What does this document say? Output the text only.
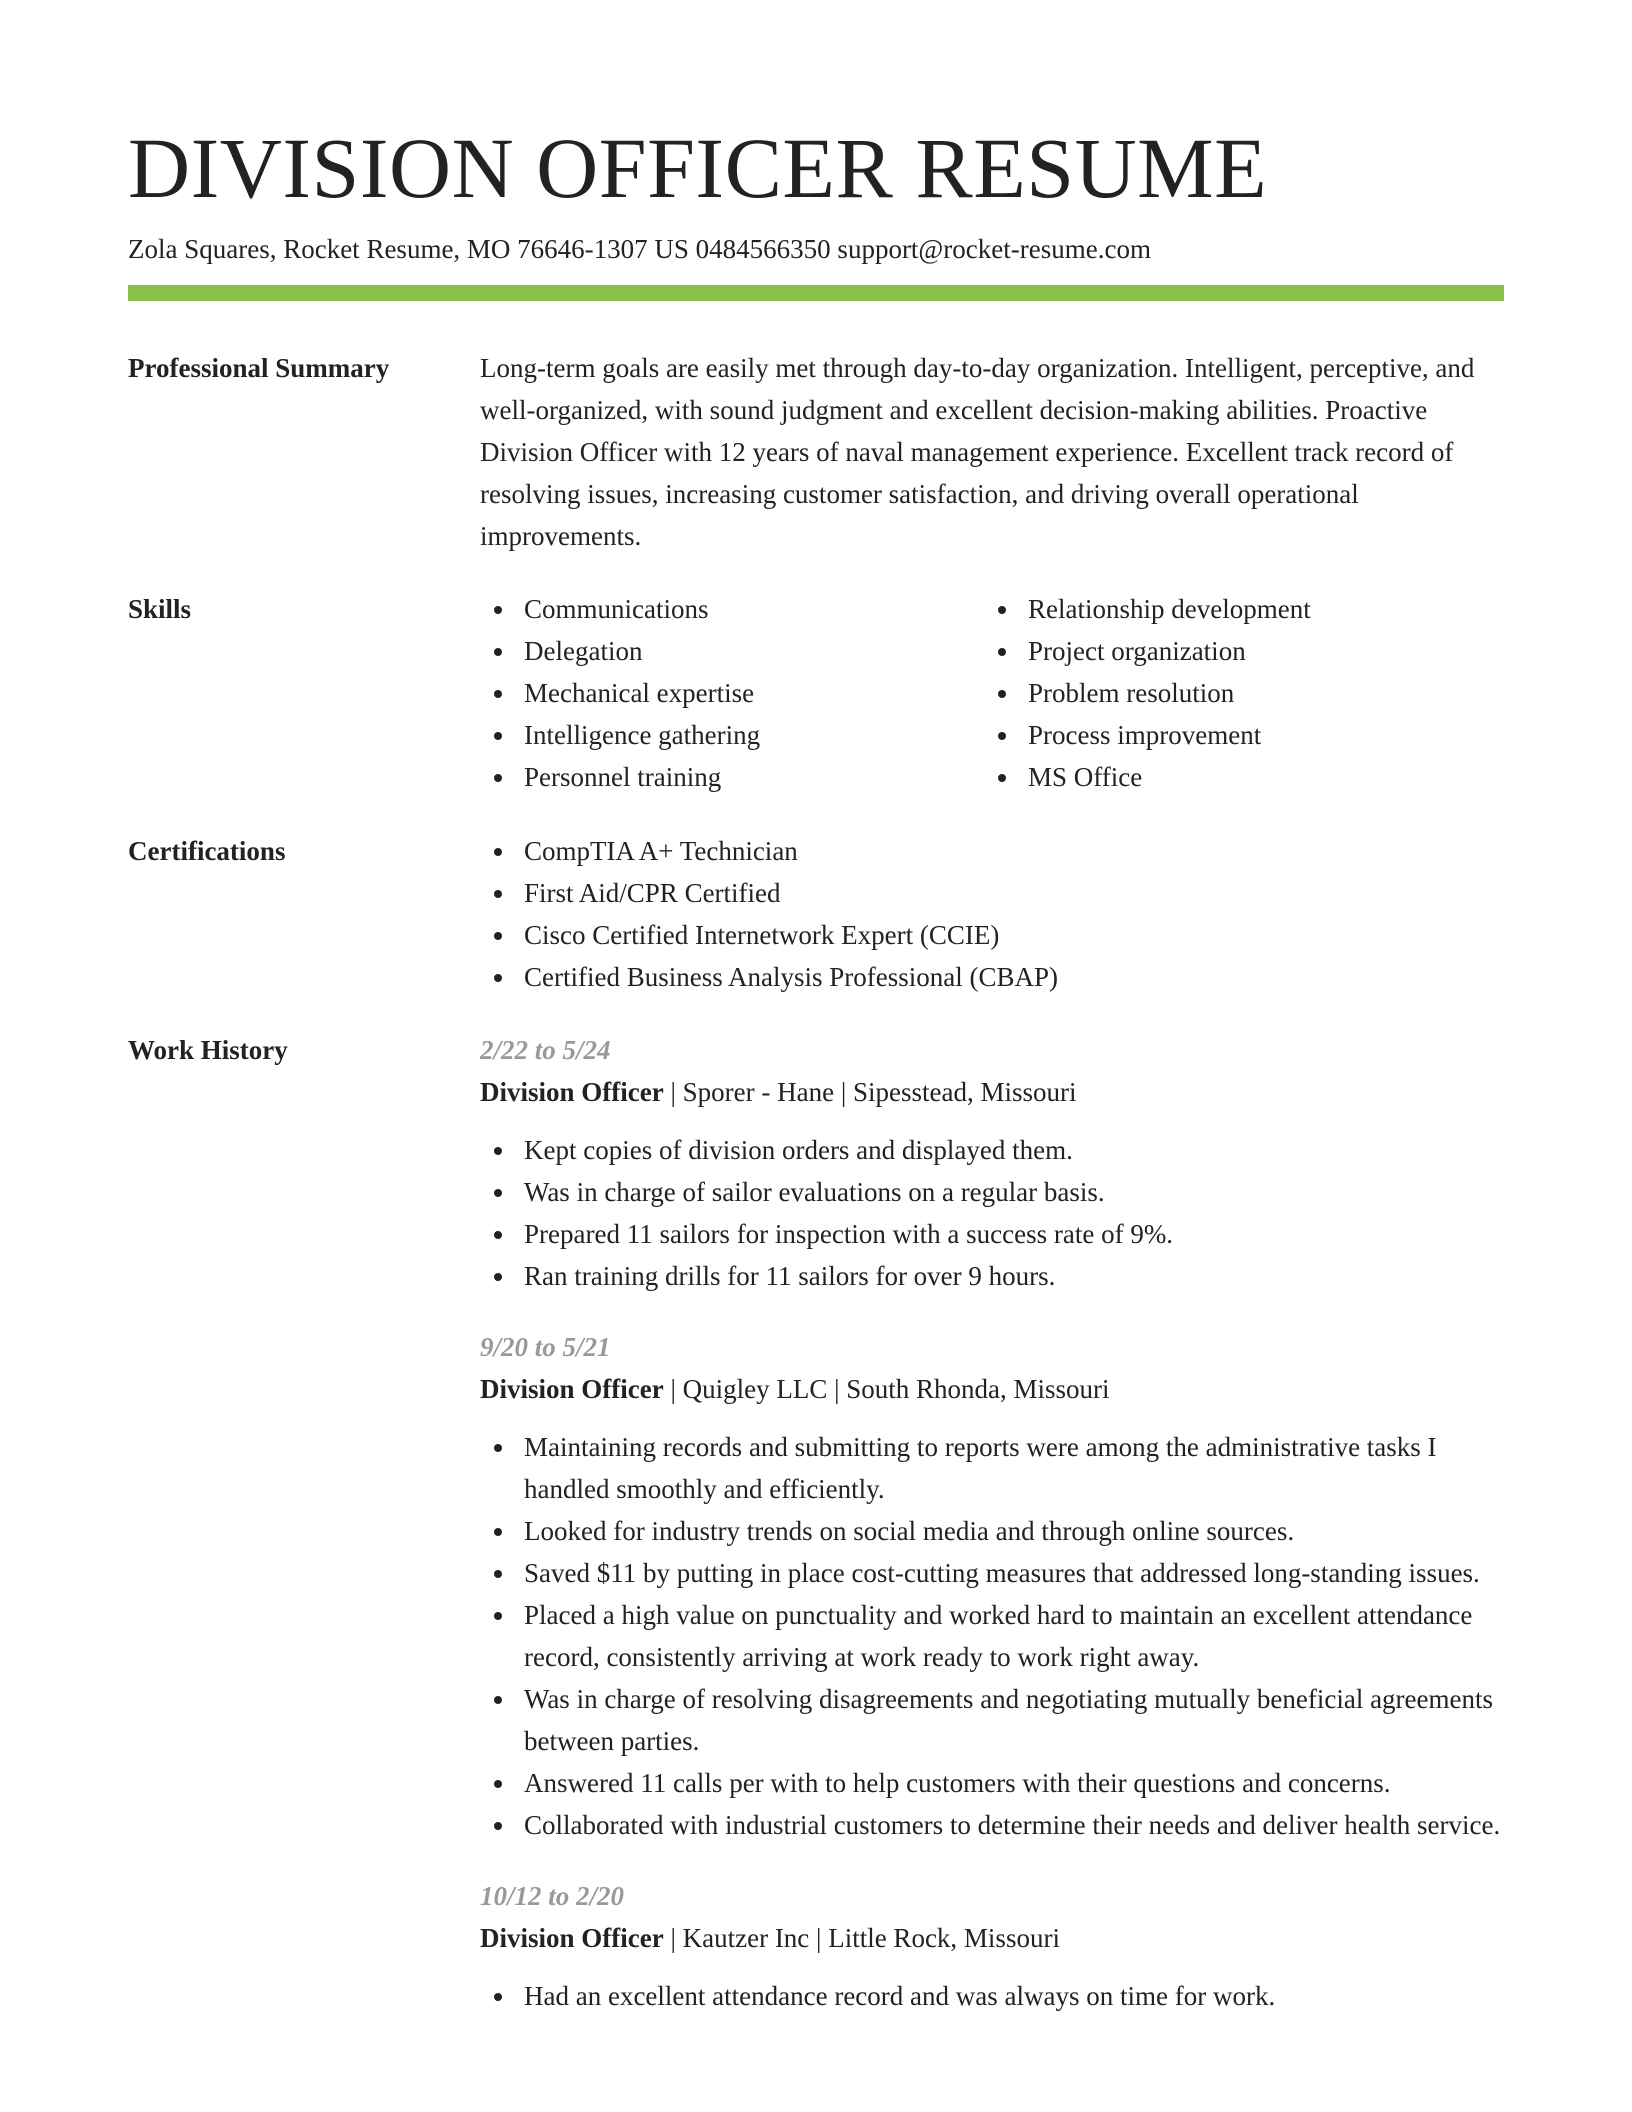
DIVISION OFFICER RESUME
Zola Squares, Rocket Resume, MO 76646-1307 US 0484566350 support@rocket-resume.com
Professional Summary	Long-term goals are easily met through day-to-day organization. Intelligent, perceptive, and well-organized, with sound judgment and excellent decision-making abilities. Proactive Division Officer with 12 years of naval management experience. Excellent track record of resolving issues, increasing customer satisfaction, and driving overall operational improvements.

Skills	Communications
Delegation
Mechanical expertise
Intelligence gathering
Personnel training
Relationship development
Project organization
Problem resolution
Process improvement
MS Office
Certifications	CompTIA A+ Technician
First Aid/CPR Certified
Cisco Certified Internetwork Expert (CCIE)
Certified Business Analysis Professional (CBAP)
Work History	2/22 to 5/24
Division Officer | Sporer - Hane | Sipesstead, Missouri
Kept copies of division orders and displayed them.
Was in charge of sailor evaluations on a regular basis.
Prepared 11 sailors for inspection with a success rate of 9%.
Ran training drills for 11 sailors for over 9 hours.
9/20 to 5/21
Division Officer | Quigley LLC | South Rhonda, Missouri
Maintaining records and submitting to reports were among the administrative tasks I handled smoothly and efficiently.
Looked for industry trends on social media and through online sources.
Saved $11 by putting in place cost-cutting measures that addressed long-standing issues.
Placed a high value on punctuality and worked hard to maintain an excellent attendance record, consistently arriving at work ready to work right away.
Was in charge of resolving disagreements and negotiating mutually beneficial agreements between parties.
Answered 11 calls per with to help customers with their questions and concerns.
Collaborated with industrial customers to determine their needs and deliver health service.
10/12 to 2/20
Division Officer | Kautzer Inc | Little Rock, Missouri
Had an excellent attendance record and was always on time for work.
